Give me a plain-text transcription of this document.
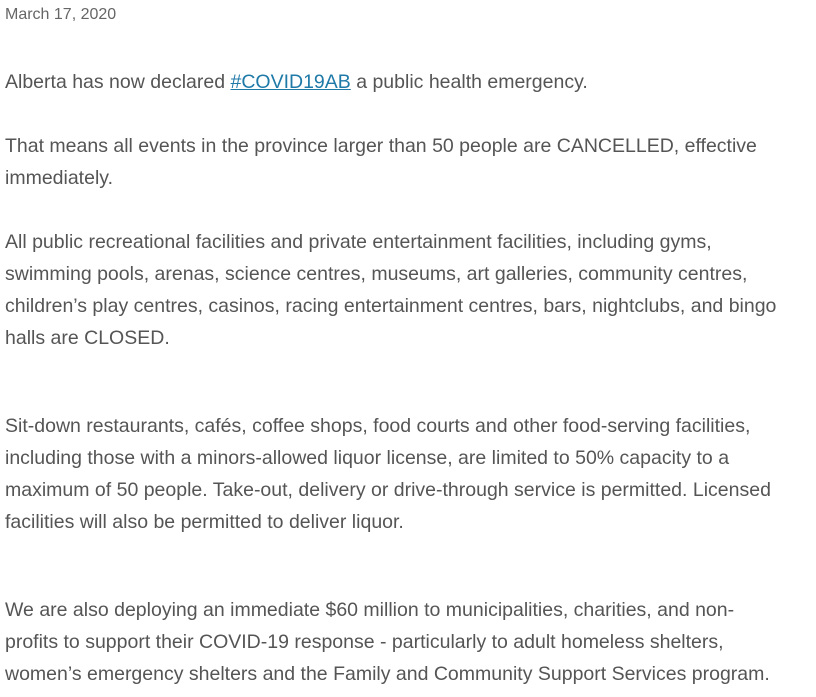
March 17, 2020

Alberta has now declared #COVID19AB a public health emergency.

That means all events in the province larger than 50 people are CANCELLED, effective
immediately.

All public recreational facilities and private entertainment facilities, including gyms,
swimming pools, arenas, science centres, museums, art galleries, community centres,
children’s play centres, casinos, racing entertainment centres, bars, nightclubs, and bingo
halls are CLOSED.

Sit-down restaurants, cafés, coffee shops, food courts and other food-serving facilities,
including those with a minors-allowed liquor license, are limited to 50% capacity to a
maximum of 50 people. Take-out, delivery or drive-through service is permitted. Licensed
facilities will also be permitted to deliver liquor.

We are also deploying an immediate $60 million to municipalities, charities, and non-
profits to support their COVID-19 response - particularly to adult homeless shelters,
women’s emergency shelters and the Family and Community Support Services program.
